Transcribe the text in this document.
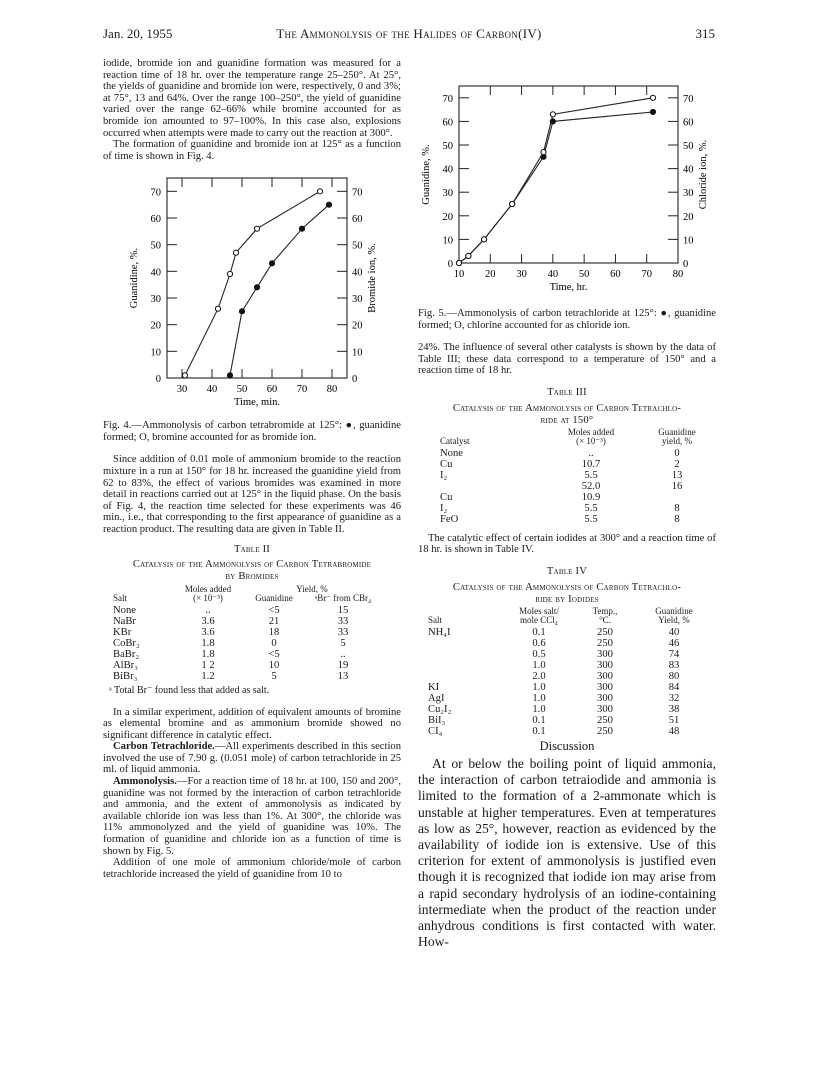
Jan. 20, 1955	The Ammonolysis of the Halides of Carbon(IV)	315

iodide, bromide ion and guanidine formation was measured for a reaction time of 18 hr. over the temperature range 25–250°. At 25°, the yields of guanidine and bromide ion were, respectively, 0 and 3%; at 75°, 13 and 64%. Over the range 100–250°, the yield of guanidine varied over the range 62–66% while bromine accounted for as bromide ion amounted to 97–100%. In this case also, explosions occurred when attempts were made to carry out the reaction at 300°.

The formation of guanidine and bromide ion at 125° as a function of time is shown in Fig. 4.

0	0
10	10
20	20
30	30
40	40
50	50
60	60
70	70
30 40 50 60 70 80
Time, min.
Guanidine, %.	Bromide ion, %.

Fig. 4.—Ammonolysis of carbon tetrabromide at 125°: ●, guanidine formed; O, bromine accounted for as bromide ion.

Since addition of 0.01 mole of ammonium bromide to the reaction mixture in a run at 150° for 18 hr. increased the guanidine yield from 62 to 83%, the effect of various bromides was examined in more detail in reactions carried out at 125° in the liquid phase. On the basis of Fig. 4, the reaction time selected for these experiments was 46 min., i.e., that corresponding to the first appearance of guanidine as a reaction product. The resulting data are given in Table II.

Table II
Catalysis of the Ammonolysis of Carbon Tetrabromide
by Bromides
	Moles added	Yield, %	
Salt	(× 10⁻³)	Guanidine	ᵃBr⁻ from CBr₄
None	..	<5	15
NaBr	3.6	21	33
KBr	3.6	18	33
CoBr₂	1.8	0	5
BaBr₂	1.8	<5	..
AlBr₃	1 2	10	19
BiBr₃	1.2	5	13
ᵃ Total Br⁻ found less that added as salt.

In a similar experiment, addition of equivalent amounts of bromine as elemental bromine and as ammonium bromide showed no significant difference in catalytic effect.

Carbon Tetrachloride.—All experiments described in this section involved the use of 7.90 g. (0.051 mole) of carbon tetrachloride in 25 ml. of liquid ammonia.

Ammonolysis.—For a reaction time of 18 hr. at 100, 150 and 200°, guanidine was not formed by the interaction of carbon tetrachloride and ammonia, and the extent of ammonolysis as indicated by available chloride ion was less than 1%. At 300°, the chloride was 11% ammonolyzed and the yield of guanidine was 10%. The formation of guanidine and chloride ion as a function of time is shown by Fig. 5.

Addition of one mole of ammonium chloride/mole of carbon tetrachloride increased the yield of guanidine from 10 to

0	0
10	10
20	20
30	30
40	40
50	50
60	60
70	70
10 20 30 40 50 60 70 80
Time, hr.
Guanidine, %.	Chloride ion, %.

Fig. 5.—Ammonolysis of carbon tetrachloride at 125°: ●, guanidine formed; O, chlorine accounted for as chloride ion.

24%. The influence of several other catalysts is shown by the data of Table III; these data correspond to a temperature of 150° and a reaction time of 18 hr.

Table III
Catalysis of the Ammonolysis of Carbon Tetrachlo-
ride at 150°
	Moles added	Guanidine
Catalyst	(× 10⁻³)	yield, %
None	..	0
Cu	10.7	2
I₂	5.5	13
	52.0	16
Cu	10.9	
I₂	5.5	8
FeO	5.5	8

The catalytic effect of certain iodides at 300° and a reaction time of 18 hr. is shown in Table IV.

Table IV
Catalysis of the Ammonolysis of Carbon Tetrachlo-
ride by Iodides
	Moles salt/	Temp.,	Guanidine
Salt	mole CCl₄	°C.	Yield, %
NH₄I	0.1	250	40
	0.6	250	46
	0.5	300	74
	1.0	300	83
	2.0	300	80
KI	1.0	300	84
AgI	1.0	300	32
Cu₂I₂	1.0	300	38
BiI₃	0.1	250	51
CI₄	0.1	250	48
Discussion

At or below the boiling point of liquid ammonia, the interaction of carbon tetraiodide and ammonia is limited to the formation of a 2-ammonate which is unstable at higher temperatures. Even at temperatures as low as 25°, however, reaction as evidenced by the availability of iodide ion is extensive. Use of this criterion for extent of ammonolysis is justified even though it is recognized that iodide ion may arise from a rapid secondary hydrolysis of an iodine-containing intermediate when the product of the reaction under anhydrous conditions is first contacted with water. How-
